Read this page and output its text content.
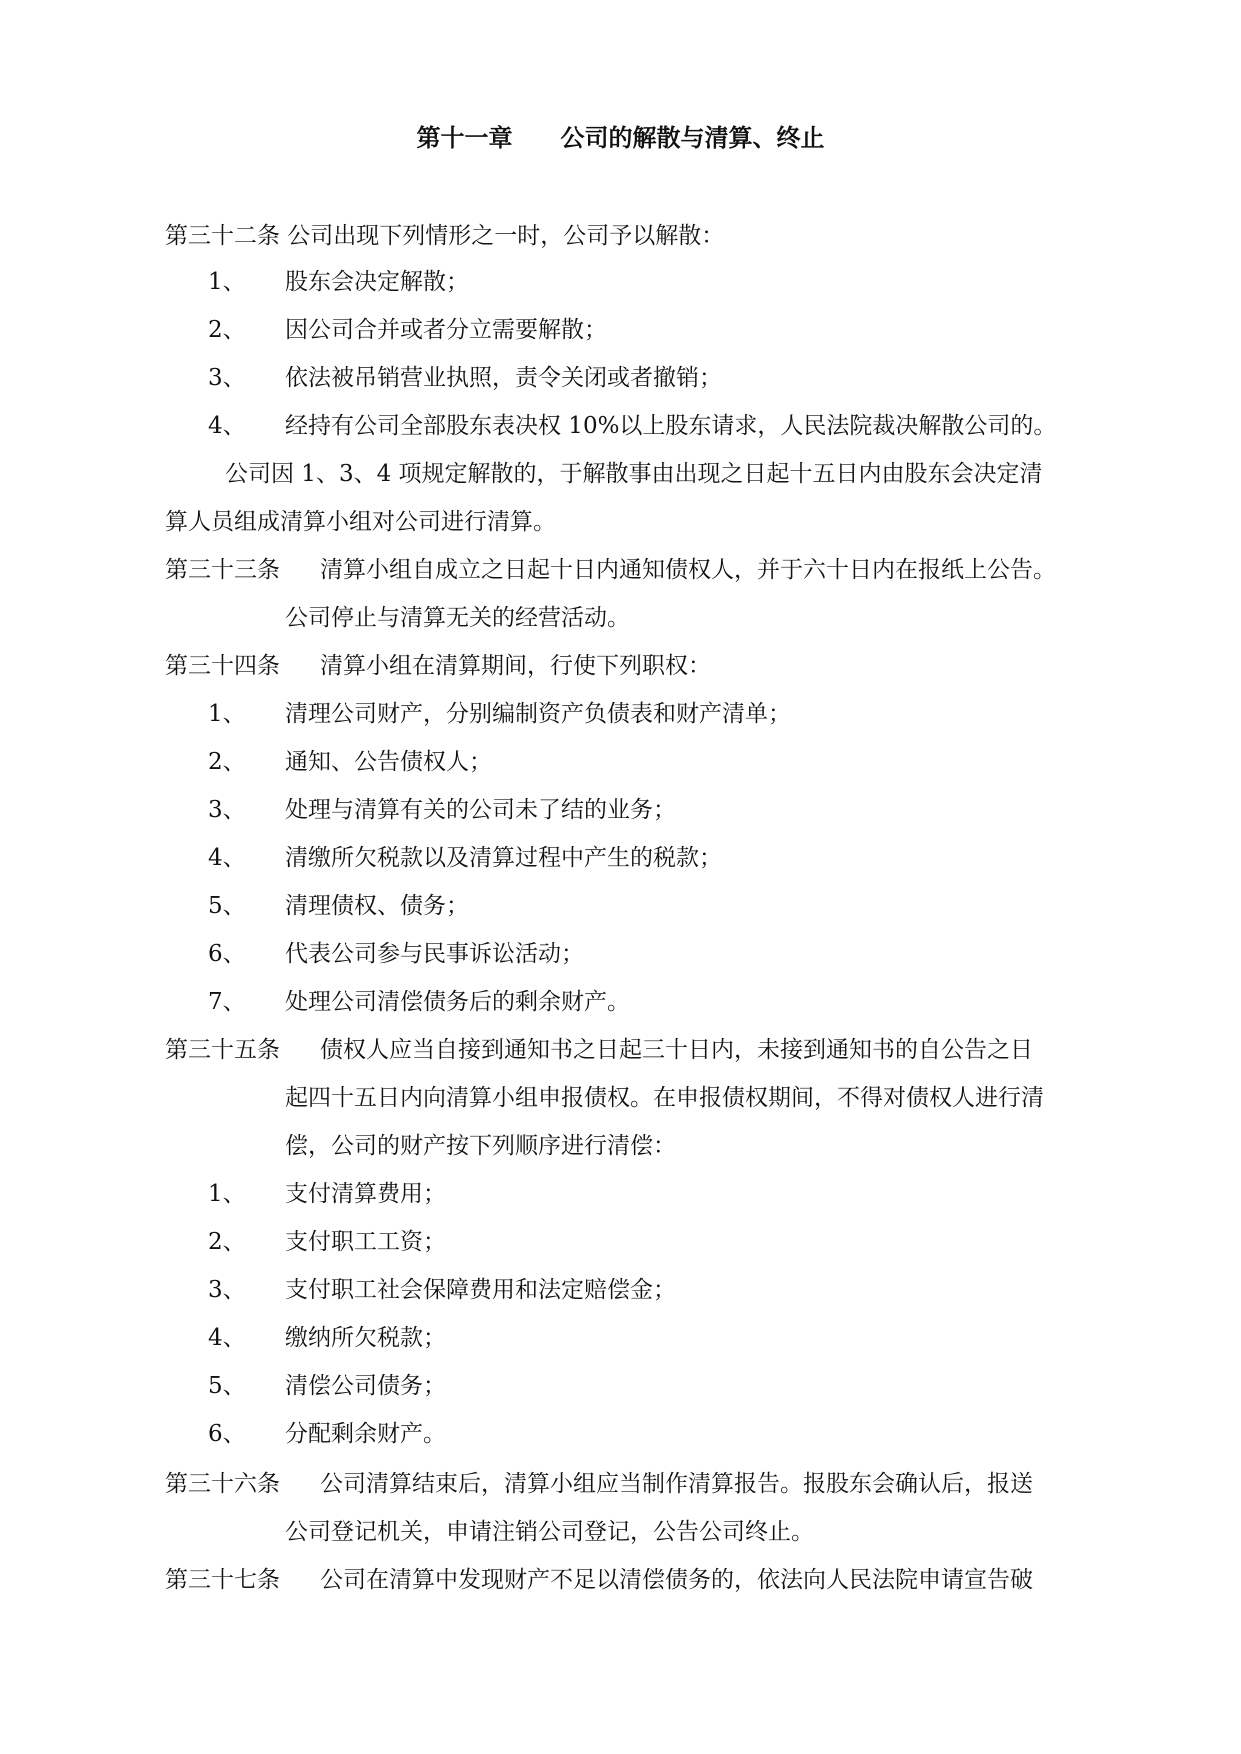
第十一章　　公司的解散与清算、终止
第三十二条 公司出现下列情形之一时，公司予以解散：
1、 股东会决定解散；
2、 因公司合并或者分立需要解散；
3、 依法被吊销营业执照，责令关闭或者撤销；
4、 经持有公司全部股东表决权 10%以上股东请求，人民法院裁决解散公司的。
公司因 1、3、4 项规定解散的，于解散事由出现之日起十五日内由股东会决定清
算人员组成清算小组对公司进行清算。
第三十三条 清算小组自成立之日起十日内通知债权人，并于六十日内在报纸上公告。
公司停止与清算无关的经营活动。
第三十四条 清算小组在清算期间，行使下列职权：
1、 清理公司财产，分别编制资产负债表和财产清单；
2、 通知、公告债权人；
3、 处理与清算有关的公司未了结的业务；
4、 清缴所欠税款以及清算过程中产生的税款；
5、 清理债权、债务；
6、 代表公司参与民事诉讼活动；
7、 处理公司清偿债务后的剩余财产。
第三十五条 债权人应当自接到通知书之日起三十日内，未接到通知书的自公告之日
起四十五日内向清算小组申报债权。在申报债权期间，不得对债权人进行清
偿，公司的财产按下列顺序进行清偿：
1、 支付清算费用；
2、 支付职工工资；
3、 支付职工社会保障费用和法定赔偿金；
4、 缴纳所欠税款；
5、 清偿公司债务；
6、 分配剩余财产。
第三十六条 公司清算结束后，清算小组应当制作清算报告。报股东会确认后，报送
公司登记机关，申请注销公司登记，公告公司终止。
第三十七条 公司在清算中发现财产不足以清偿债务的，依法向人民法院申请宣告破
